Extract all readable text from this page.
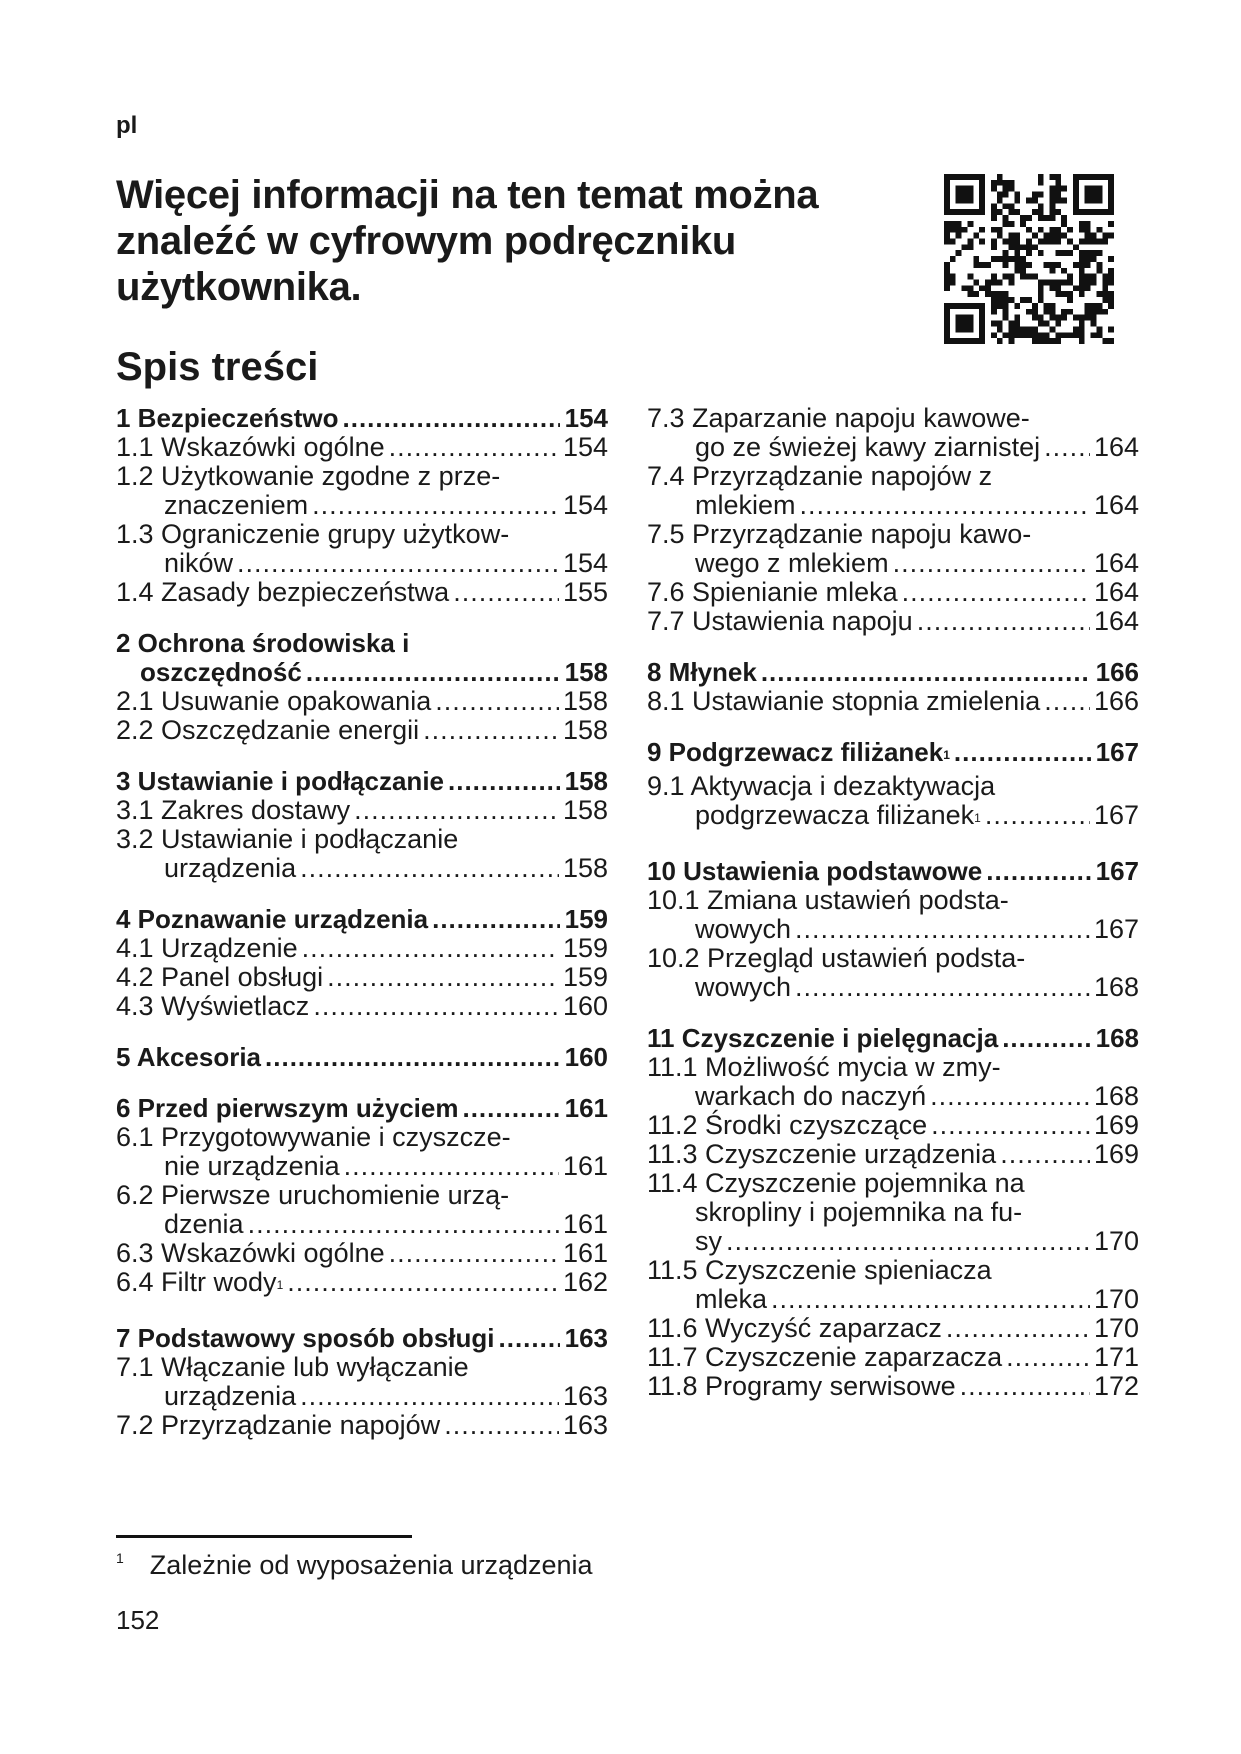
pl
Więcej informacji na ten temat można znaleźć w cyfrowym podręczniku użytkownika.
Spis treści
1 Bezpieczeństwo .....	154
1.1 Wskazówki ogólne .....	154
1.2 Użytkowanie zgodne z prze-
znaczeniem .....	154
1.3 Ograniczenie grupy użytkow-
ników .....	154
1.4 Zasady bezpieczeństwa .....	155
2 Ochrona środowiska i
oszczędność .....	158
2.1 Usuwanie opakowania .....	158
2.2 Oszczędzanie energii .....	158
3 Ustawianie i podłączanie .....	158
3.1 Zakres dostawy .....	158
3.2 Ustawianie i podłączanie
urządzenia .....	158
4 Poznawanie urządzenia .....	159
4.1 Urządzenie .....	159
4.2 Panel obsługi .....	159
4.3 Wyświetlacz .....	160
5 Akcesoria .....	160
6 Przed pierwszym użyciem .....	161
6.1 Przygotowywanie i czyszcze-
nie urządzenia .....	161
6.2 Pierwsze uruchomienie urzą-
dzenia .....	161
6.3 Wskazówki ogólne .....	161
6.4 Filtr wody$^1$ .....	162
7 Podstawowy sposób obsługi .....	163
7.1 Włączanie lub wyłączanie
urządzenia .....	163
7.2 Przyrządzanie napojów .....	163
7.3 Zaparzanie napoju kawowe-
go ze świeżej kawy ziarnistej ..... 164
7.4 Przyrządzanie napojów z
mlekiem .....	164
7.5 Przyrządzanie napoju kawo-
wego z mlekiem .....	164
7.6 Spienianie mleka .....	164
7.7 Ustawienia napoju .....	164
8 Młynek .....	166
8.1 Ustawianie stopnia zmielenia ..... 166
9 Podgrzewacz filiżanek$^1$ .....	167
9.1 Aktywacja i dezaktywacja
podgrzewacza filiżanek$^1$ .....	167
10 Ustawienia podstawowe .....	167
10.1 Zmiana ustawień podsta-
wowych .....	167
10.2 Przegląd ustawień podsta-
wowych .....	168
11 Czyszczenie i pielęgnacja .....	168
11.1 Możliwość mycia w zmy-
warkach do naczyń .....	168
11.2 Środki czyszczące .....	169
11.3 Czyszczenie urządzenia .....	169
11.4 Czyszczenie pojemnika na
skropliny i pojemnika na fu-
sy .....	170
11.5 Czyszczenie spieniacza
mleka .....	170
11.6 Wyczyść zaparzacz .....	170
11.7 Czyszczenie zaparzacza .....	171
11.8 Programy serwisowe .....	172
$^1$ Zależnie od wyposażenia urządzenia
152
